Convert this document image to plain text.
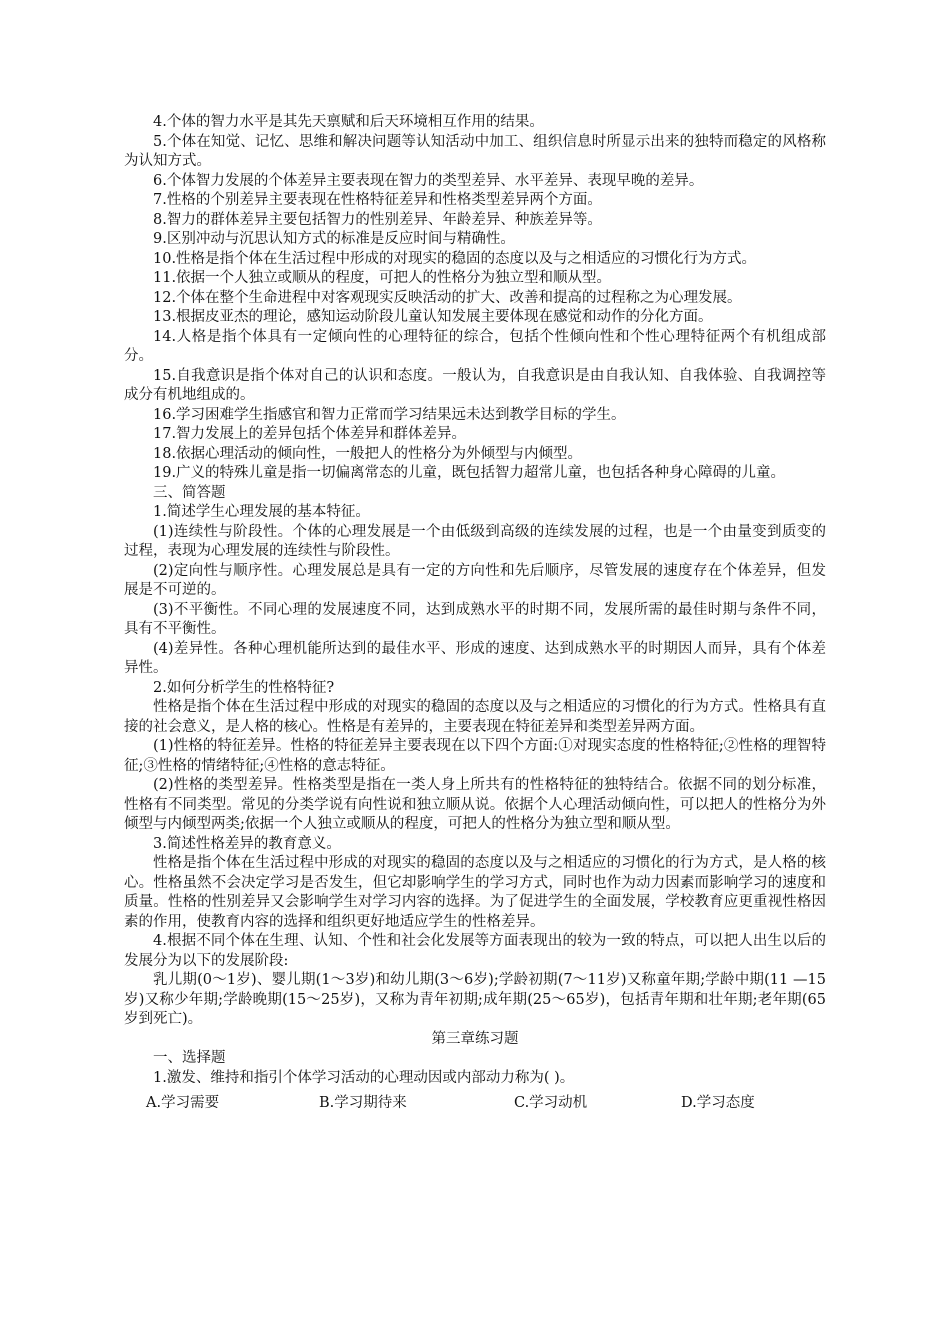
4.个体的智力水平是其先天禀赋和后天环境相互作用的结果。

5.个体在知觉、记忆、思维和解决问题等认知活动中加工、组织信息时所显示出来的独特而稳定的风格称为认知方式。

6.个体智力发展的个体差异主要表现在智力的类型差异、水平差异、表现早晚的差异。

7.性格的个别差异主要表现在性格特征差异和性格类型差异两个方面。

8.智力的群体差异主要包括智力的性别差异、年龄差异、种族差异等。

9.区别冲动与沉思认知方式的标准是反应时间与精确性。

10.性格是指个体在生活过程中形成的对现实的稳固的态度以及与之相适应的习惯化行为方式。

11.依据一个人独立或顺从的程度，可把人的性格分为独立型和顺从型。

12.个体在整个生命进程中对客观现实反映活动的扩大、改善和提高的过程称之为心理发展。

13.根据皮亚杰的理论，感知运动阶段儿童认知发展主要体现在感觉和动作的分化方面。

14.人格是指个体具有一定倾向性的心理特征的综合，包括个性倾向性和个性心理特征两个有机组成部分。

15.自我意识是指个体对自己的认识和态度。一般认为，自我意识是由自我认知、自我体验、自我调控等成分有机地组成的。

16.学习困难学生指感官和智力正常而学习结果远未达到教学目标的学生。

17.智力发展上的差异包括个体差异和群体差异。

18.依据心理活动的倾向性，一般把人的性格分为外倾型与内倾型。

19.广义的特殊儿童是指一切偏离常态的儿童，既包括智力超常儿童，也包括各种身心障碍的儿童。

三、简答题

1.简述学生心理发展的基本特征。

(1)连续性与阶段性。个体的心理发展是一个由低级到高级的连续发展的过程，也是一个由量变到质变的过程，表现为心理发展的连续性与阶段性。

(2)定向性与顺序性。心理发展总是具有一定的方向性和先后顺序，尽管发展的速度存在个体差异，但发展是不可逆的。

(3)不平衡性。不同心理的发展速度不同，达到成熟水平的时期不同，发展所需的最佳时期与条件不同，具有不平衡性。

(4)差异性。各种心理机能所达到的最佳水平、形成的速度、达到成熟水平的时期因人而异，具有个体差异性。

2.如何分析学生的性格特征?

性格是指个体在生活过程中形成的对现实的稳固的态度以及与之相适应的习惯化的行为方式。性格具有直接的社会意义，是人格的核心。性格是有差异的，主要表现在特征差异和类型差异两方面。

(1)性格的特征差异。性格的特征差异主要表现在以下四个方面:①对现实态度的性格特征;②性格的理智特征;③性格的情绪特征;④性格的意志特征。

(2)性格的类型差异。性格类型是指在一类人身上所共有的性格特征的独特结合。依据不同的划分标准，性格有不同类型。常见的分类学说有向性说和独立顺从说。依据个人心理活动倾向性，可以把人的性格分为外倾型与内倾型两类;依据一个人独立或顺从的程度，可把人的性格分为独立型和顺从型。

3.简述性格差异的教育意义。

性格是指个体在生活过程中形成的对现实的稳固的态度以及与之相适应的习惯化的行为方式，是人格的核心。性格虽然不会决定学习是否发生，但它却影响学生的学习方式，同时也作为动力因素而影响学习的速度和质量。性格的性别差异又会影响学生对学习内容的选择。为了促进学生的全面发展，学校教育应更重视性格因素的作用，使教育内容的选择和组织更好地适应学生的性格差异。

4.根据不同个体在生理、认知、个性和社会化发展等方面表现出的较为一致的特点，可以把人出生以后的发展分为以下的发展阶段:

乳儿期(0～1岁)、婴儿期(1～3岁)和幼儿期(3～6岁);学龄初期(7～11岁)又称童年期;学龄中期(11 —15岁)又称少年期;学龄晚期(15～25岁)，又称为青年初期;成年期(25～65岁)，包括青年期和壮年期;老年期(65岁到死亡)。

第三章练习题

一、选择题

1.激发、维持和指引个体学习活动的心理动因或内部动力称为( )。

A.学习需要	B.学习期待来	C.学习动机	D.学习态度
